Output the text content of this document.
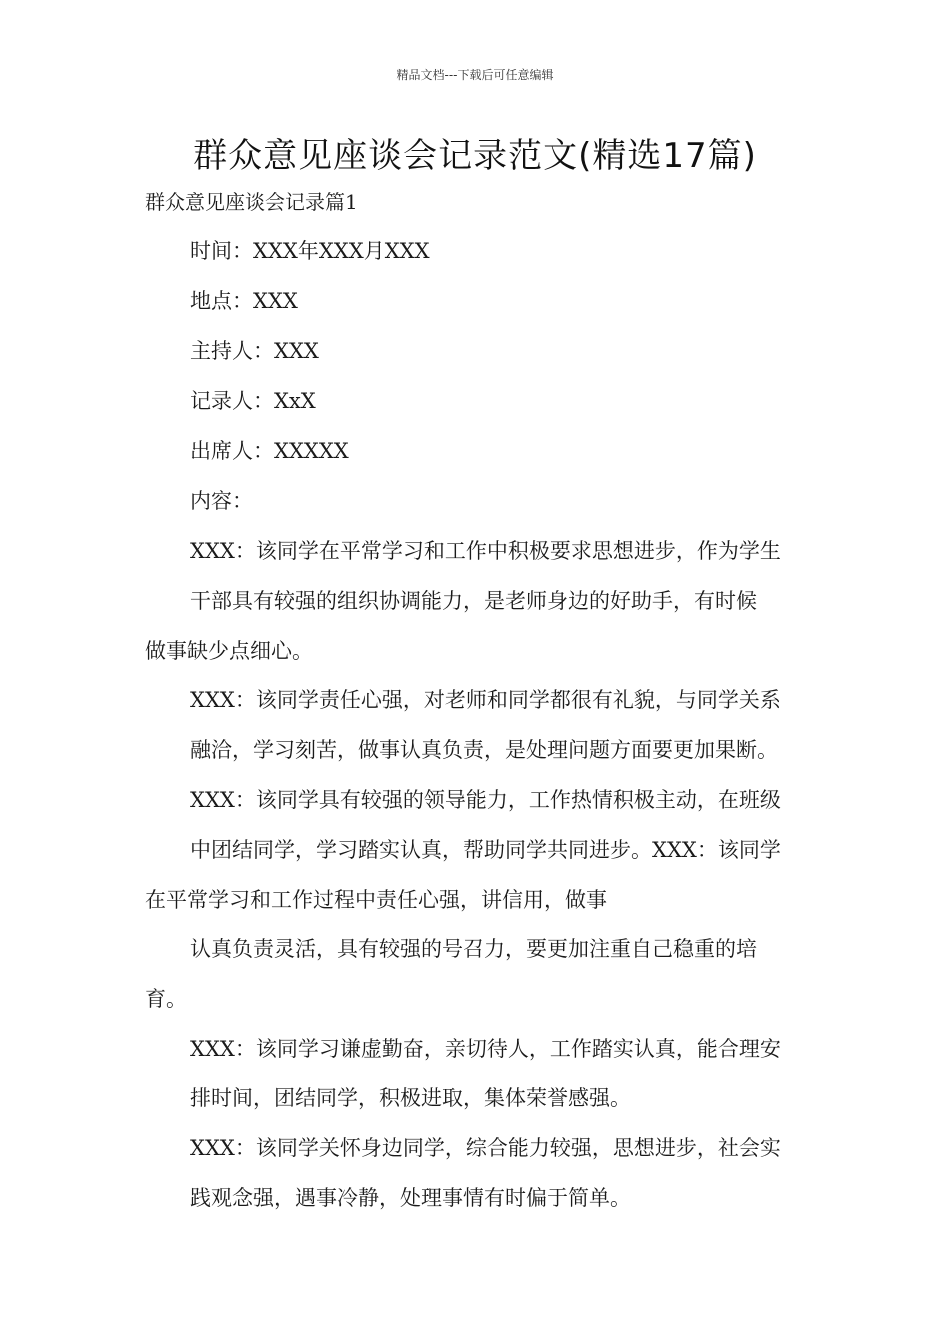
精品文档---下载后可任意编辑
群众意见座谈会记录范文(精选17篇)
群众意见座谈会记录篇1
时间：XXX年XXX月XXX
地点：XXX
主持人：XXX
记录人：XxX
出席人：XXXXX
内容：
XXX：该同学在平常学习和工作中积极要求思想进步，作为学生
干部具有较强的组织协调能力，是老师身边的好助手，有时候
做事缺少点细心。
XXX：该同学责任心强，对老师和同学都很有礼貌，与同学关系
融洽，学习刻苦，做事认真负责，是处理问题方面要更加果断。
XXX：该同学具有较强的领导能力，工作热情积极主动，在班级
中团结同学，学习踏实认真，帮助同学共同进步。XXX：该同学
在平常学习和工作过程中责任心强，讲信用，做事
认真负责灵活，具有较强的号召力，要更加注重自己稳重的培
育。
XXX：该同学习谦虚勤奋，亲切待人，工作踏实认真，能合理安
排时间，团结同学，积极进取，集体荣誉感强。
XXX：该同学关怀身边同学，综合能力较强，思想进步，社会实
践观念强，遇事冷静，处理事情有时偏于简单。
